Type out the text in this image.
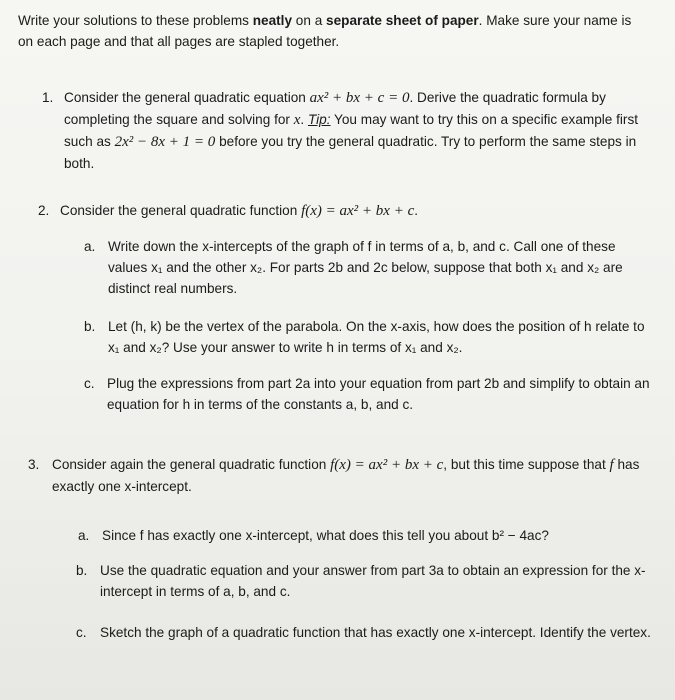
Write your solutions to these problems neatly on a separate sheet of paper. Make sure your name is on each page and that all pages are stapled together.
1. Consider the general quadratic equation ax² + bx + c = 0. Derive the quadratic formula by completing the square and solving for x. Tip: You may want to try this on a specific example first such as 2x² − 8x + 1 = 0 before you try the general quadratic. Try to perform the same steps in both.
2. Consider the general quadratic function f(x) = ax² + bx + c.
a. Write down the x-intercepts of the graph of f in terms of a, b, and c. Call one of these values x₁ and the other x₂. For parts 2b and 2c below, suppose that both x₁ and x₂ are distinct real numbers.
b. Let (h, k) be the vertex of the parabola. On the x-axis, how does the position of h relate to x₁ and x₂? Use your answer to write h in terms of x₁ and x₂.
c. Plug the expressions from part 2a into your equation from part 2b and simplify to obtain an equation for h in terms of the constants a, b, and c.
3. Consider again the general quadratic function f(x) = ax² + bx + c, but this time suppose that f has exactly one x-intercept.
a. Since f has exactly one x-intercept, what does this tell you about b² − 4ac?
b. Use the quadratic equation and your answer from part 3a to obtain an expression for the x-intercept in terms of a, b, and c.
c. Sketch the graph of a quadratic function that has exactly one x-intercept. Identify the vertex.
